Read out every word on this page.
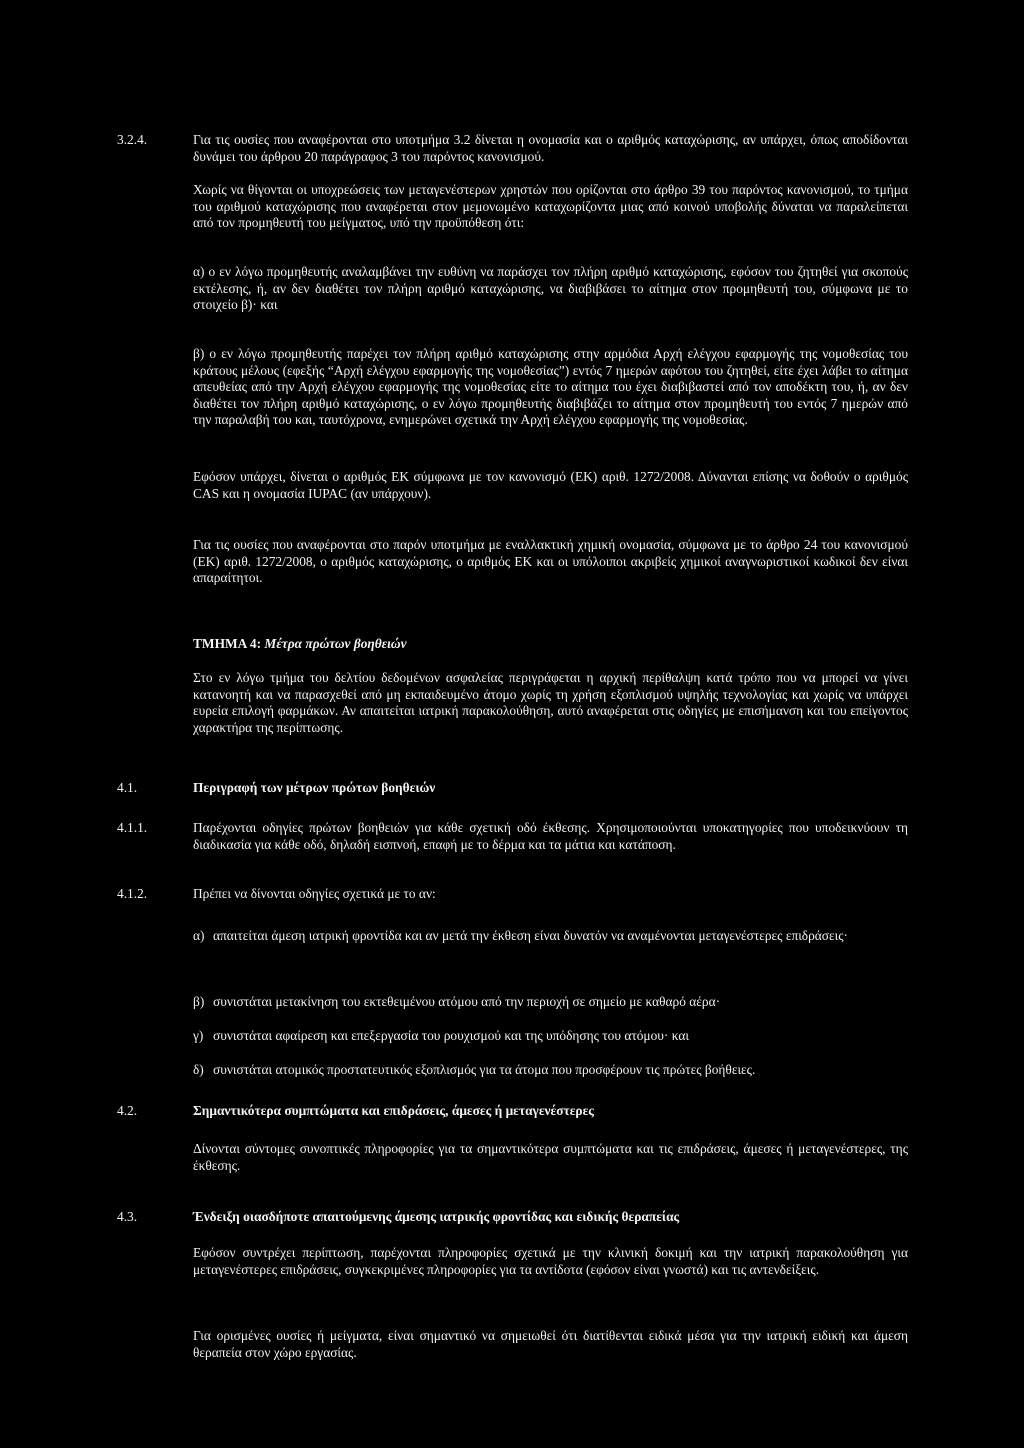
3.2.4.	Για τις ουσίες που αναφέρονται στο υποτμήμα 3.2 δίνεται η ονομασία και ο αριθμός καταχώρισης, αν υπάρχει, όπως αποδίδονται δυνάμει του άρθρου 20 παράγραφος 3 του παρόντος κανονισμού.

Χωρίς να θίγονται οι υποχρεώσεις των μεταγενέστερων χρηστών που ορίζονται στο άρθρο 39 του παρόντος κανονισμού, το τμήμα του αριθμού καταχώρισης που αναφέρεται στον μεμονωμένο καταχωρίζοντα μιας από κοινού υποβολής δύναται να παραλείπεται από τον προμηθευτή του μείγματος, υπό την προϋπόθεση ότι:

α) ο εν λόγω προμηθευτής αναλαμβάνει την ευθύνη να παράσχει τον πλήρη αριθμό καταχώρισης, εφόσον του ζητηθεί για σκοπούς εκτέλεσης, ή, αν δεν διαθέτει τον πλήρη αριθμό καταχώρισης, να διαβιβάσει το αίτημα στον προμηθευτή του, σύμφωνα με το στοιχείο β)· και

β) ο εν λόγω προμηθευτής παρέχει τον πλήρη αριθμό καταχώρισης στην αρμόδια Αρχή ελέγχου εφαρμογής της νομοθεσίας του κράτους μέλους (εφεξής “Αρχή ελέγχου εφαρμογής της νομοθεσίας”) εντός 7 ημερών αφότου του ζητηθεί, είτε έχει λάβει το αίτημα απευθείας από την Αρχή ελέγχου εφαρμογής της νομοθεσίας είτε το αίτημα του έχει διαβιβαστεί από τον αποδέκτη του, ή, αν δεν διαθέτει τον πλήρη αριθμό καταχώρισης, ο εν λόγω προμηθευτής διαβιβάζει το αίτημα στον προμηθευτή του εντός 7 ημερών από την παραλαβή του και, ταυτόχρονα, ενημερώνει σχετικά την Αρχή ελέγχου εφαρμογής της νομοθεσίας.

Εφόσον υπάρχει, δίνεται ο αριθμός ΕΚ σύμφωνα με τον κανονισμό (ΕΚ) αριθ. 1272/2008. Δύνανται επίσης να δοθούν ο αριθμός CAS και η ονομασία IUPAC (αν υπάρχουν).

Για τις ουσίες που αναφέρονται στο παρόν υποτμήμα με εναλλακτική χημική ονομασία, σύμφωνα με το άρθρο 24 του κανονισμού (ΕΚ) αριθ. 1272/2008, ο αριθμός καταχώρισης, ο αριθμός ΕΚ και οι υπόλοιποι ακριβείς χημικοί αναγνωριστικοί κωδικοί δεν είναι απαραίτητοι.

ΤΜΗΜΑ 4: Μέτρα πρώτων βοηθειών

Στο εν λόγω τμήμα του δελτίου δεδομένων ασφαλείας περιγράφεται η αρχική περίθαλψη κατά τρόπο που να μπορεί να γίνει κατανοητή και να παρασχεθεί από μη εκπαιδευμένο άτομο χωρίς τη χρήση εξοπλισμού υψηλής τεχνολογίας και χωρίς να υπάρχει ευρεία επιλογή φαρμάκων. Αν απαιτείται ιατρική παρακολούθηση, αυτό αναφέρεται στις οδηγίες με επισήμανση και του επείγοντος χαρακτήρα της περίπτωσης.

4.1.	Περιγραφή των μέτρων πρώτων βοηθειών

4.1.1.	Παρέχονται οδηγίες πρώτων βοηθειών για κάθε σχετική οδό έκθεσης. Χρησιμοποιούνται υποκατηγορίες που υποδεικνύουν τη διαδικασία για κάθε οδό, δηλαδή εισπνοή, επαφή με το δέρμα και τα μάτια και κατάποση.

4.1.2.	Πρέπει να δίνονται οδηγίες σχετικά με το αν:

α) απαιτείται άμεση ιατρική φροντίδα και αν μετά την έκθεση είναι δυνατόν να αναμένονται μεταγενέστερες επιδράσεις·

β) συνιστάται μετακίνηση του εκτεθειμένου ατόμου από την περιοχή σε σημείο με καθαρό αέρα·

γ) συνιστάται αφαίρεση και επεξεργασία του ρουχισμού και της υπόδησης του ατόμου· και

δ) συνιστάται ατομικός προστατευτικός εξοπλισμός για τα άτομα που προσφέρουν τις πρώτες βοήθειες.

4.2.	Σημαντικότερα συμπτώματα και επιδράσεις, άμεσες ή μεταγενέστερες

Δίνονται σύντομες συνοπτικές πληροφορίες για τα σημαντικότερα συμπτώματα και τις επιδράσεις, άμεσες ή μεταγενέστερες, της έκθεσης.

4.3.	Ένδειξη οιασδήποτε απαιτούμενης άμεσης ιατρικής φροντίδας και ειδικής θεραπείας

Εφόσον συντρέχει περίπτωση, παρέχονται πληροφορίες σχετικά με την κλινική δοκιμή και την ιατρική παρακολούθηση για μεταγενέστερες επιδράσεις, συγκεκριμένες πληροφορίες για τα αντίδοτα (εφόσον είναι γνωστά) και τις αντενδείξεις.

Για ορισμένες ουσίες ή μείγματα, είναι σημαντικό να σημειωθεί ότι διατίθενται ειδικά μέσα για την ιατρική ειδική και άμεση θεραπεία στον χώρο εργασίας.
